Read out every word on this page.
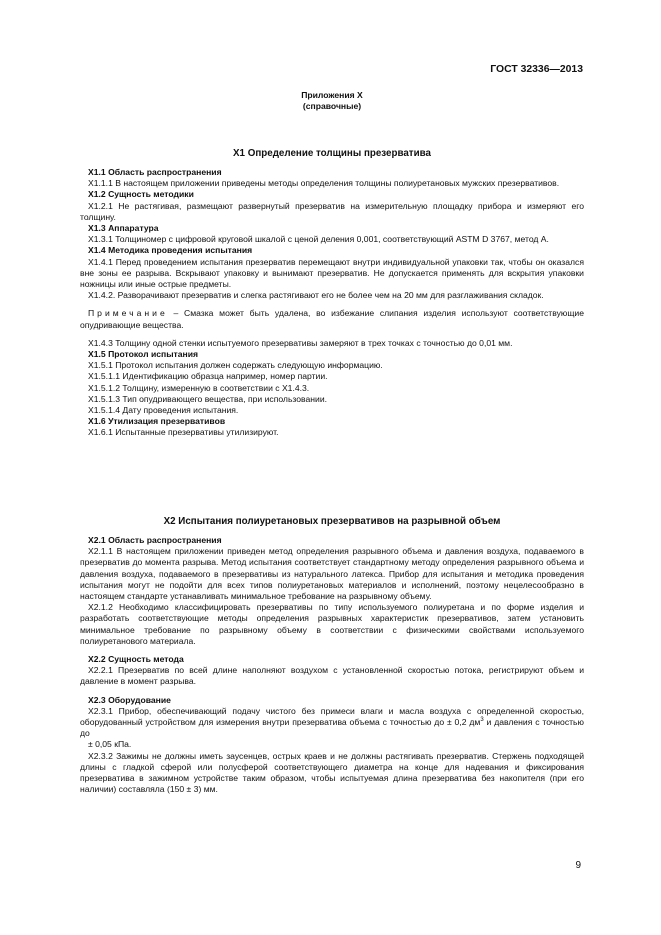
ГОСТ 32336—2013
Приложения Х
(справочные)
Х1 Определение толщины презерватива
Х1.1 Область распространения
Х1.1.1 В настоящем приложении приведены методы определения толщины полиуретановых мужских презервативов.
Х1.2 Сущность методики
Х1.2.1 Не растягивая, размещают развернутый презерватив на измерительную площадку прибора и измеряют его толщину.
Х1.3 Аппаратура
Х1.3.1 Толщиномер с цифровой круговой шкалой с ценой деления 0,001, соответствующий ASTM D 3767, метод А.
Х1.4 Методика проведения испытания
Х1.4.1 Перед проведением испытания презерватив перемещают внутри индивидуальной упаковки так, чтобы он оказался вне зоны ее разрыва. Вскрывают упаковку и вынимают презерватив. Не допускается применять для вскрытия упаковки ножницы или иные острые предметы.
Х1.4.2. Разворачивают презерватив и слегка растягивают его не более чем на 20 мм для разглаживания складок.
Примечание – Смазка может быть удалена, во избежание слипания изделия используют соответствующие опудривающие вещества.
Х1.4.3 Толщину одной стенки испытуемого презервативы замеряют в трех точках с точностью до 0,01 мм.
Х1.5 Протокол испытания
Х1.5.1 Протокол испытания должен содержать следующую информацию.
Х1.5.1.1 Идентификацию образца например, номер партии.
Х1.5.1.2 Толщину, измеренную в соответствии с Х1.4.3.
Х1.5.1.3 Тип опудривающего вещества, при использовании.
Х1.5.1.4 Дату проведения испытания.
Х1.6 Утилизация презервативов
Х1.6.1 Испытанные презервативы утилизируют.
Х2 Испытания полиуретановых презервативов на разрывной объем
Х2.1 Область распространения
Х2.1.1 В настоящем приложении приведен метод определения разрывного объема и давления воздуха, подаваемого в презерватив до момента разрыва. Метод испытания соответствует стандартному методу определения разрывного объема и давления воздуха, подаваемого в презервативы из натурального латекса. Прибор для испытания и методика проведения испытания могут не подойти для всех типов полиуретановых материалов и исполнений, поэтому нецелесообразно в настоящем стандарте устанавливать минимальное требование на разрывному объему.
Х2.1.2 Необходимо классифицировать презервативы по типу используемого полиуретана и по форме изделия и разработать соответствующие методы определения разрывных характеристик презервативов, затем установить минимальное требование по разрывному объему в соответствии с физическими свойствами используемого полиуретанового материала.
Х2.2 Сущность метода
Х2.2.1 Презерватив по всей длине наполняют воздухом с установленной скоростью потока, регистрируют объем и давление в момент разрыва.
Х2.3 Оборудование
Х2.3.1 Прибор, обеспечивающий подачу чистого без примеси влаги и масла воздуха с определенной скоростью, оборудованный устройством для измерения внутри презерватива объема с точностью до ± 0,2 $дм^3$ и давления с точностью до
± 0,05 кПа.
Х2.3.2 Зажимы не должны иметь заусенцев, острых краев и не должны растягивать презерватив. Стержень подходящей длины с гладкой сферой или полусферой соответствующего диаметра на конце для надевания и фиксирования презерватива в зажимном устройстве таким образом, чтобы испытуемая длина презерватива без накопителя (при его наличии) составляла (150 ± 3) мм.
9
